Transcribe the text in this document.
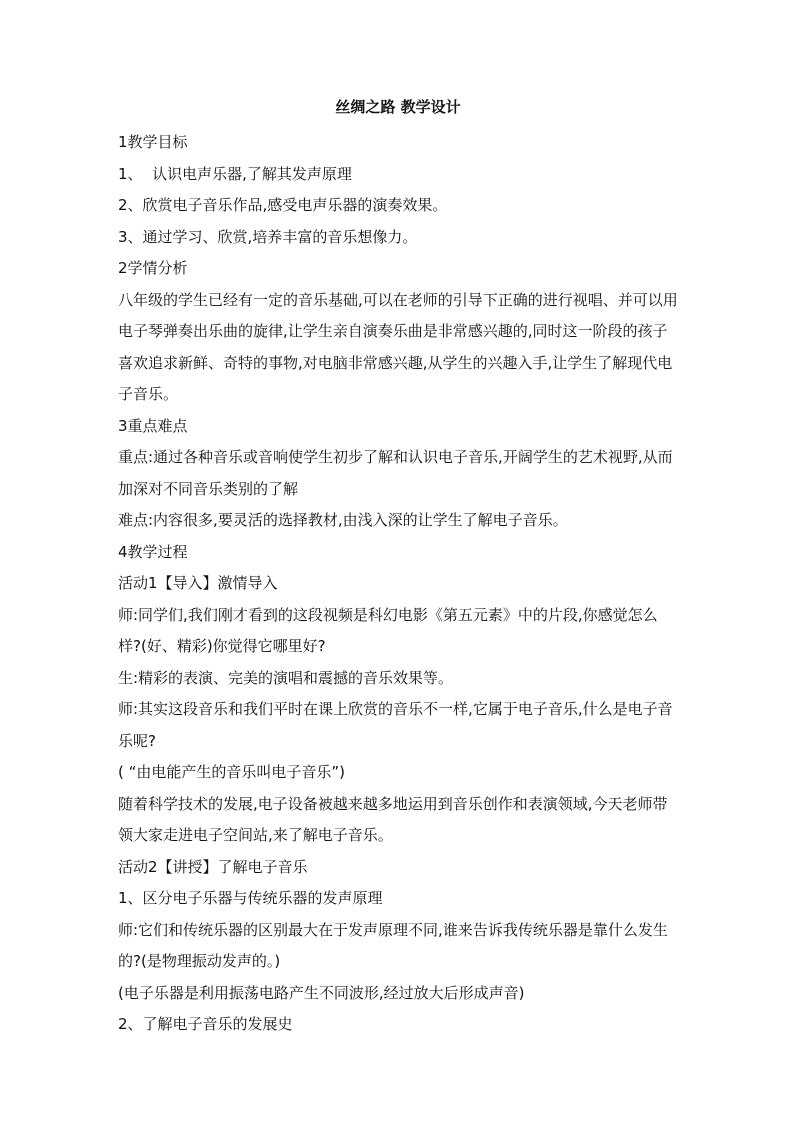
丝绸之路 教学设计
1教学目标
1、  认识电声乐器,了解其发声原理
2、欣赏电子音乐作品,感受电声乐器的演奏效果。
3、通过学习、欣赏,培养丰富的音乐想像力。
2学情分析
八年级的学生已经有一定的音乐基础,可以在老师的引导下正确的进行视唱、并可以用电子琴弹奏出乐曲的旋律,让学生亲自演奏乐曲是非常感兴趣的,同时这一阶段的孩子喜欢追求新鲜、奇特的事物,对电脑非常感兴趣,从学生的兴趣入手,让学生了解现代电子音乐。
3重点难点
重点:通过各种音乐或音响使学生初步了解和认识电子音乐,开阔学生的艺术视野,从而加深对不同音乐类别的了解
难点:内容很多,要灵活的选择教材,由浅入深的让学生了解电子音乐。
4教学过程
活动1【导入】激情导入
师:同学们,我们刚才看到的这段视频是科幻电影《第五元素》中的片段,你感觉怎么样?(好、精彩)你觉得它哪里好?
生:精彩的表演、完美的演唱和震撼的音乐效果等。
师:其实这段音乐和我们平时在课上欣赏的音乐不一样,它属于电子音乐,什么是电子音乐呢?
( “由电能产生的音乐叫电子音乐”)
随着科学技术的发展,电子设备被越来越多地运用到音乐创作和表演领域,今天老师带领大家走进电子空间站,来了解电子音乐。
活动2【讲授】了解电子音乐
1、区分电子乐器与传统乐器的发声原理
师:它们和传统乐器的区别最大在于发声原理不同,谁来告诉我传统乐器是靠什么发生的?(是物理振动发声的。)
(电子乐器是利用振荡电路产生不同波形,经过放大后形成声音)
2、了解电子音乐的发展史
